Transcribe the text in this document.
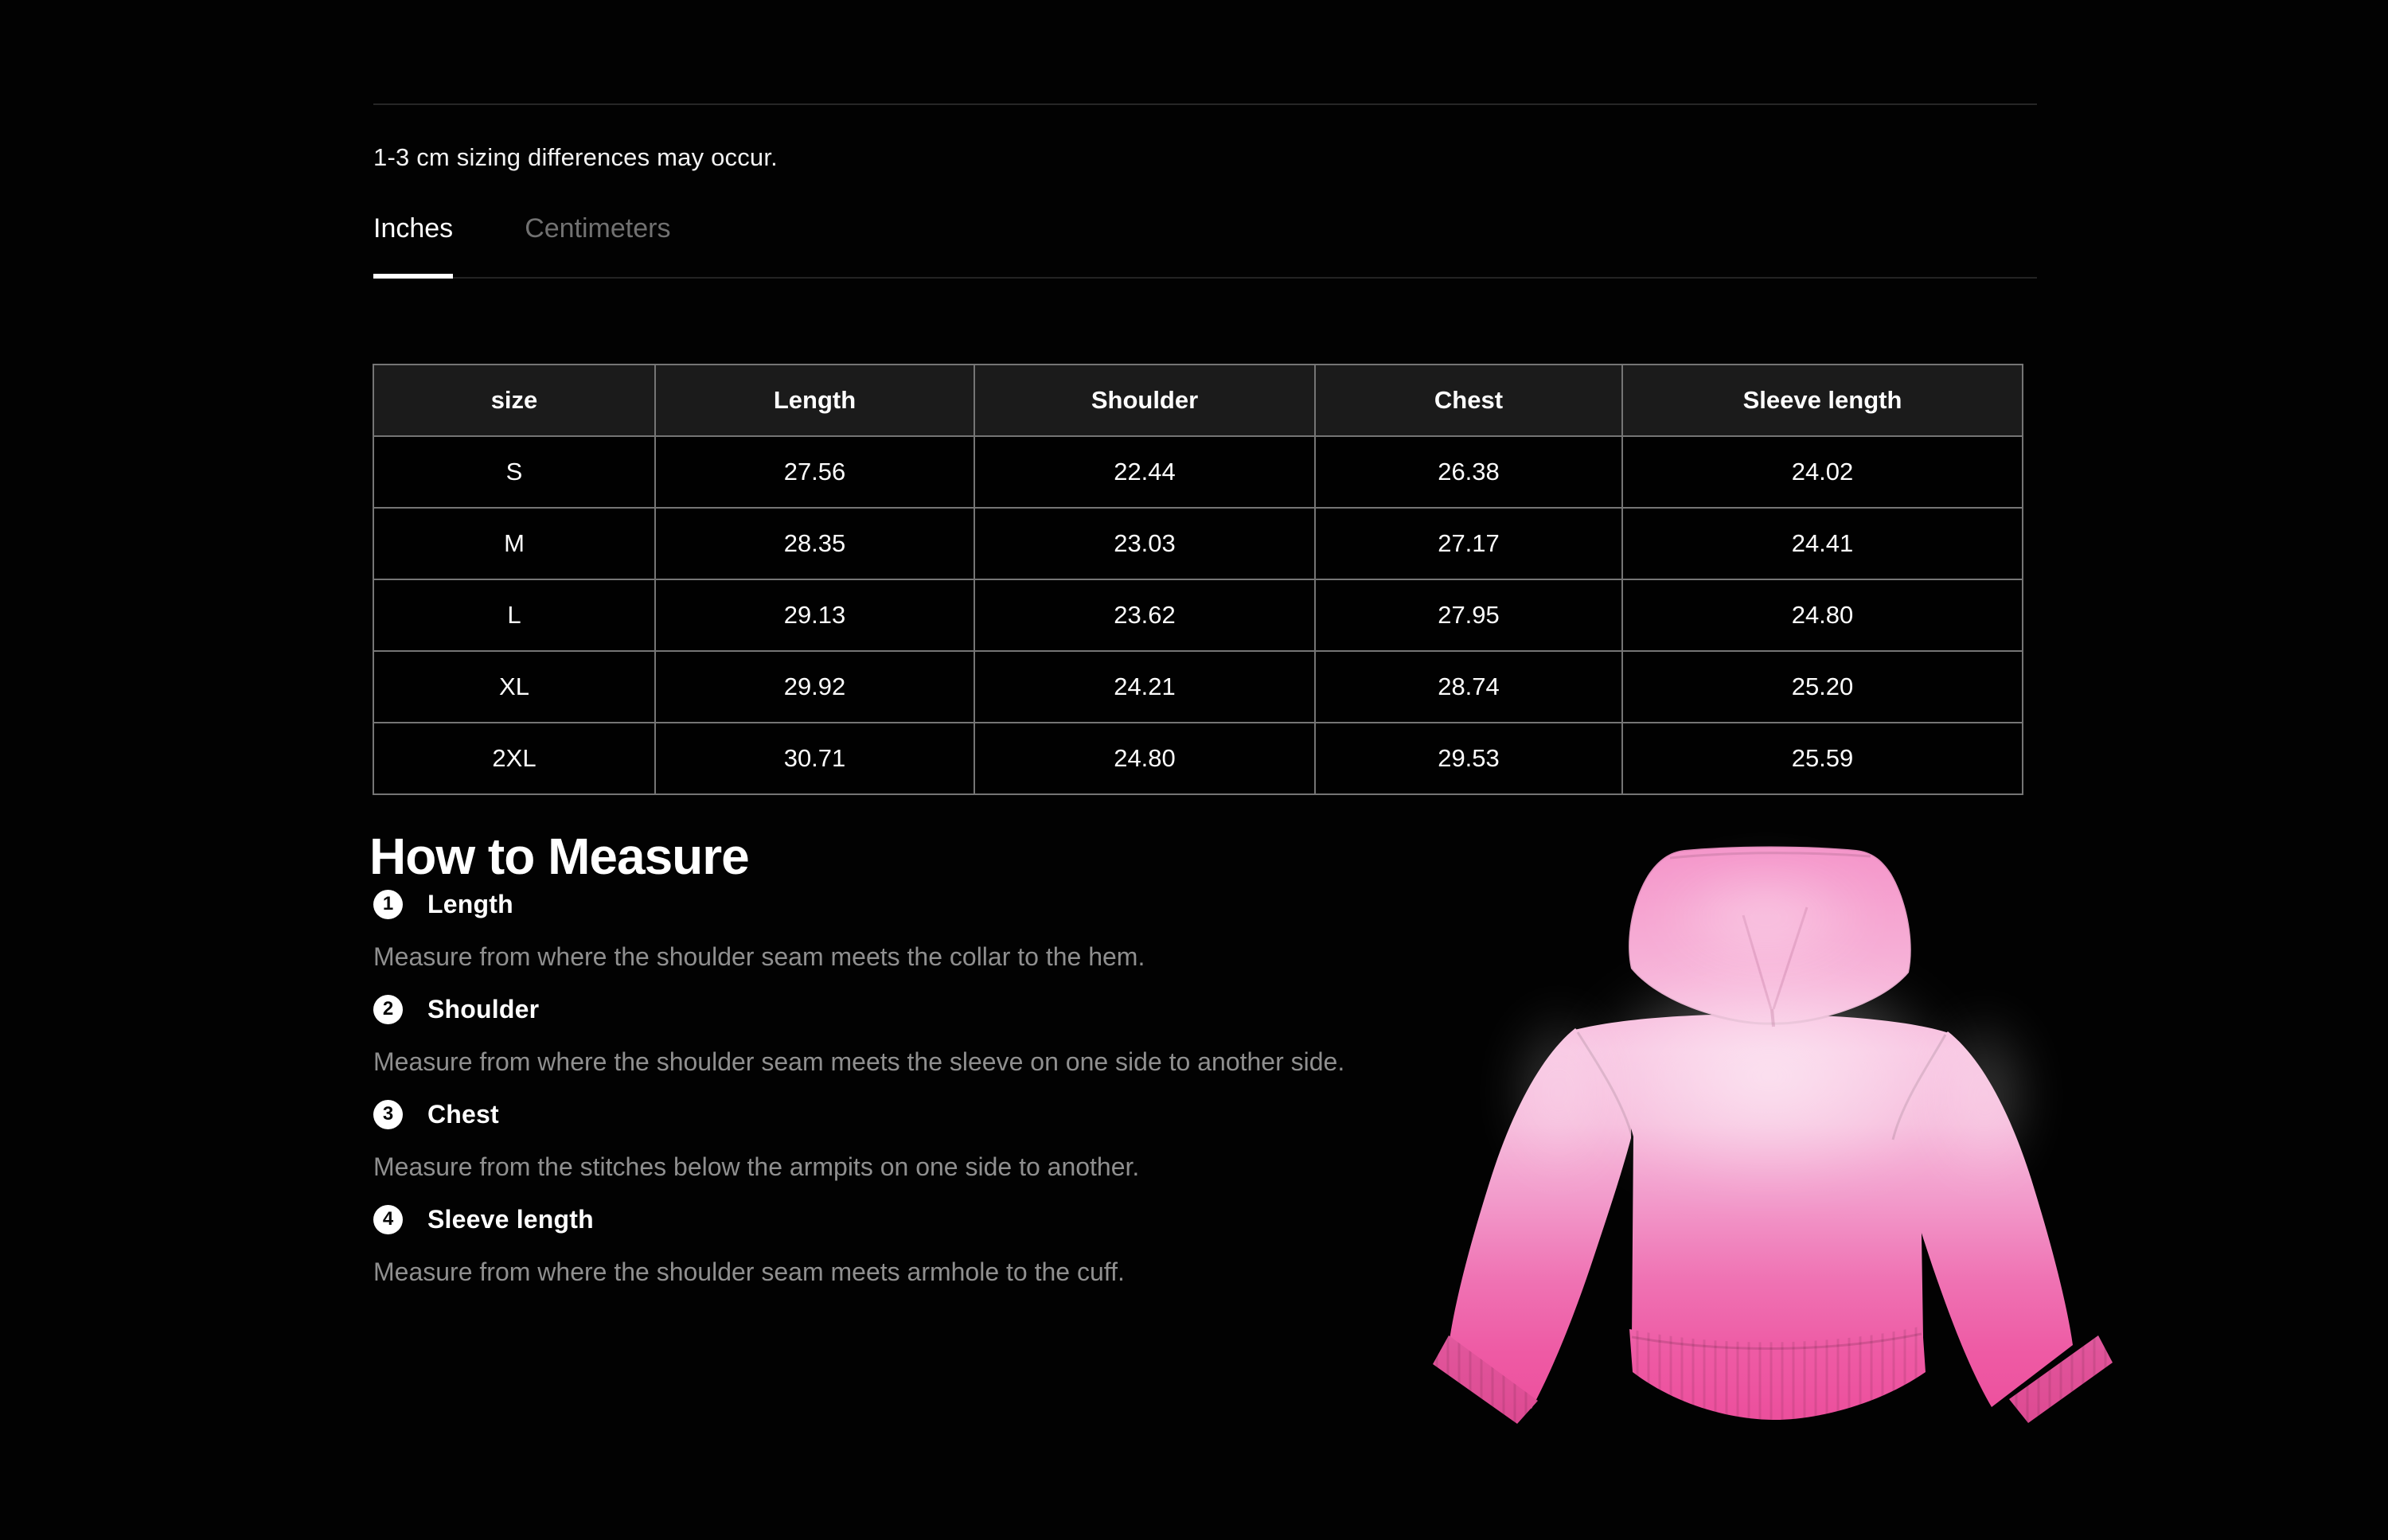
1-3 cm sizing differences may occur.
Inches	Centimeters
size	Length	Shoulder	Chest	Sleeve length
S	27.56	22.44	26.38	24.02
M	28.35	23.03	27.17	24.41
L	29.13	23.62	27.95	24.80
XL	29.92	24.21	28.74	25.20
2XL	30.71	24.80	29.53	25.59
How to Measure
1	Length
Measure from where the shoulder seam meets the collar to the hem.
2	Shoulder
Measure from where the shoulder seam meets the sleeve on one side to another side.
3	Chest
Measure from the stitches below the armpits on one side to another.
4	Sleeve length
Measure from where the shoulder seam meets armhole to the cuff.
